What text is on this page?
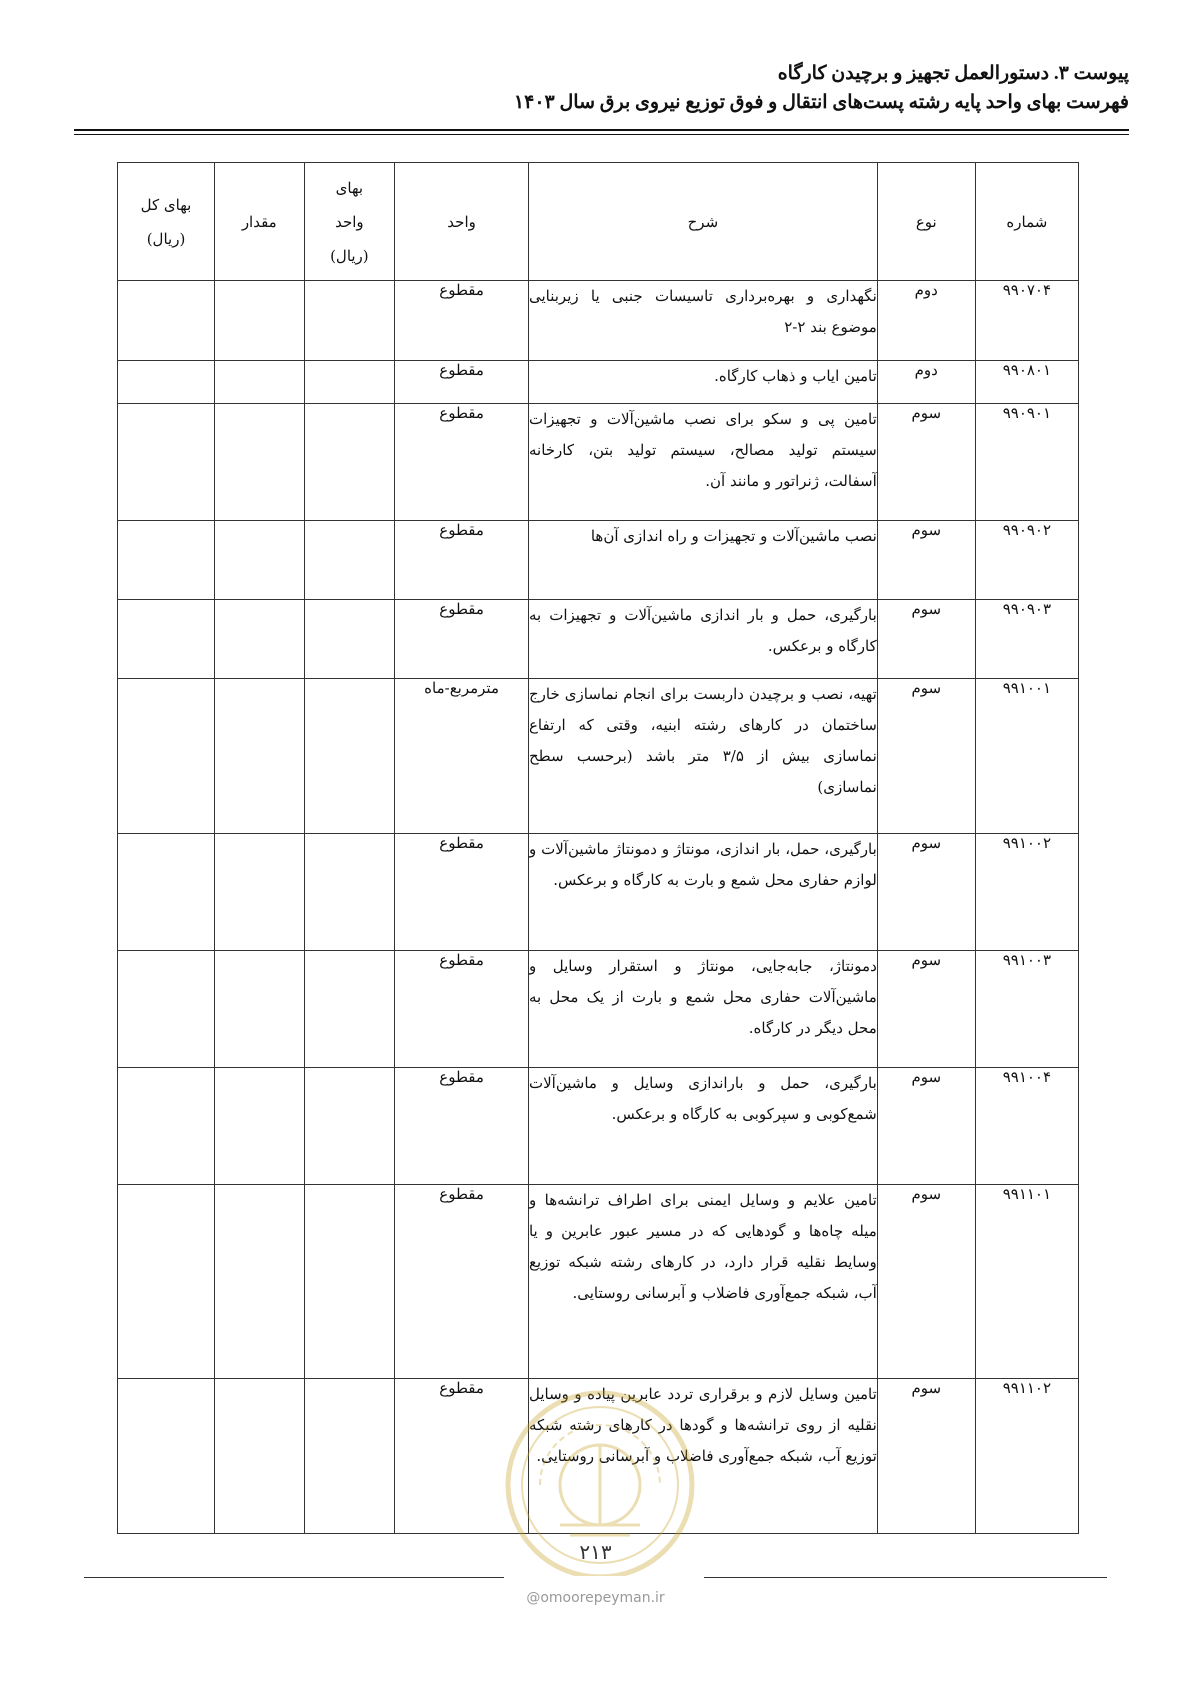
پیوست ۳. دستورالعمل تجهیز و برچیدن کارگاه
فهرست بهای واحد پایه رشته پست‌های انتقال و فوق توزیع نیروی برق سال ۱۴۰۳
شماره	نوع	شرح	واحد	بهای واحد (ریال)	مقدار	بهای کل (ریال)
۹۹۰۷۰۴	دوم	نگهداری و بهره‌برداری تاسیسات جنبی یا زیربنایی موضوع بند ۲-۲	مقطوع			
۹۹۰۸۰۱	دوم	تامین ایاب و ذهاب کارگاه.	مقطوع			
۹۹۰۹۰۱	سوم	تامین پی و سکو برای نصب ماشین‌آلات و تجهیزات سیستم تولید مصالح، سیستم تولید بتن، کارخانه آسفالت، ژنراتور و مانند آن.	مقطوع			
۹۹۰۹۰۲	سوم	نصب ماشین‌آلات و تجهیزات و راه اندازی آن‌ها	مقطوع			
۹۹۰۹۰۳	سوم	بارگیری، حمل و بار اندازی ماشین‌آلات و تجهیزات به کارگاه و برعکس.	مقطوع			
۹۹۱۰۰۱	سوم	تهیه، نصب و برچیدن داربست برای انجام نماسازی خارج ساختمان در کارهای رشته ابنیه، وقتی که ارتفاع نماسازی بیش از ۳/۵ متر باشد (برحسب سطح نماسازی)	مترمربع-ماه			
۹۹۱۰۰۲	سوم	بارگیری، حمل، بار اندازی، مونتاژ و دمونتاژ ماشین‌آلات و لوازم حفاری محل شمع و بارت به کارگاه و برعکس.	مقطوع			
۹۹۱۰۰۳	سوم	دمونتاژ، جابه‌جایی، مونتاژ و استقرار وسایل و ماشین‌آلات حفاری محل شمع و بارت از یک محل به محل دیگر در کارگاه.	مقطوع			
۹۹۱۰۰۴	سوم	بارگیری، حمل و باراندازی وسایل و ماشین‌آلات شمع‌کوبی و سپرکوبی به کارگاه و برعکس.	مقطوع			
۹۹۱۱۰۱	سوم	تامین علایم و وسایل ایمنی برای اطراف ترانشه‌ها و میله چاه‌ها و گودهایی که در مسیر عبور عابرین و یا وسایط نقلیه قرار دارد، در کارهای رشته شبکه توزیع آب، شبکه جمع‌آوری فاضلاب و آبرسانی روستایی.	مقطوع			
۹۹۱۱۰۲	سوم	تامین وسایل لازم و برقراری تردد عابرین پیاده و وسایل نقلیه از روی ترانشه‌ها و گودها در کارهای رشته شبکه توزیع آب، شبکه جمع‌آوری فاضلاب و آبرسانی روستایی.	مقطوع			
۲۱۳
@omoorepeyman.ir
